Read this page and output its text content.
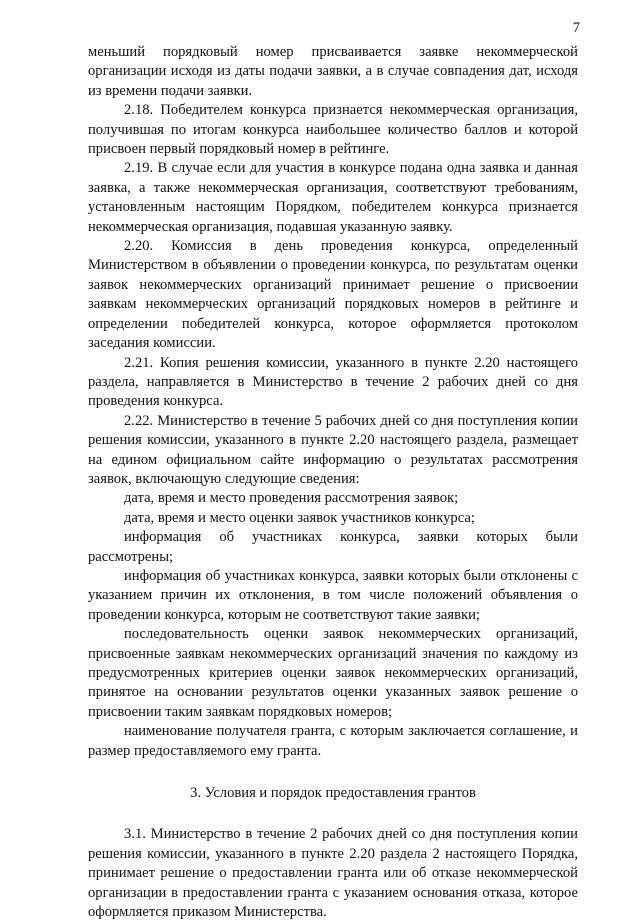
7

меньший порядковый номер присваивается заявке некоммерческой организации исходя из даты подачи заявки, а в случае совпадения дат, исходя из времени подачи заявки.

2.18. Победителем конкурса признается некоммерческая организация, получившая по итогам конкурса наибольшее количество баллов и которой присвоен первый порядковый номер в рейтинге.

2.19. В случае если для участия в конкурсе подана одна заявка и данная заявка, а также некоммерческая организация, соответствуют требованиям, установленным настоящим Порядком, победителем конкурса признается некоммерческая организация, подавшая указанную заявку.

2.20. Комиссия в день проведения конкурса, определенный Министерством в объявлении о проведении конкурса, по результатам оценки заявок некоммерческих организаций принимает решение о присвоении заявкам некоммерческих организаций порядковых номеров в рейтинге и определении победителей конкурса, которое оформляется протоколом заседания комиссии.

2.21. Копия решения комиссии, указанного в пункте 2.20 настоящего раздела, направляется в Министерство в течение 2 рабочих дней со дня проведения конкурса.

2.22. Министерство в течение 5 рабочих дней со дня поступления копии решения комиссии, указанного в пункте 2.20 настоящего раздела, размещает на едином официальном сайте информацию о результатах рассмотрения заявок, включающую следующие сведения:

дата, время и место проведения рассмотрения заявок;

дата, время и место оценки заявок участников конкурса;

информация об участниках конкурса, заявки которых были рассмотрены;

информация об участниках конкурса, заявки которых были отклонены с указанием причин их отклонения, в том числе положений объявления о проведении конкурса, которым не соответствуют такие заявки;

последовательность оценки заявок некоммерческих организаций, присвоенные заявкам некоммерческих организаций значения по каждому из предусмотренных критериев оценки заявок некоммерческих организаций, принятое на основании результатов оценки указанных заявок решение о присвоении таким заявкам порядковых номеров;

наименование получателя гранта, с которым заключается соглашение, и размер предоставляемого ему гранта.

3. Условия и порядок предоставления грантов

3.1. Министерство в течение 2 рабочих дней со дня поступления копии решения комиссии, указанного в пункте 2.20 раздела 2 настоящего Порядка, принимает решение о предоставлении гранта или об отказе некоммерческой организации в предоставлении гранта с указанием основания отказа, которое оформляется приказом Министерства.
